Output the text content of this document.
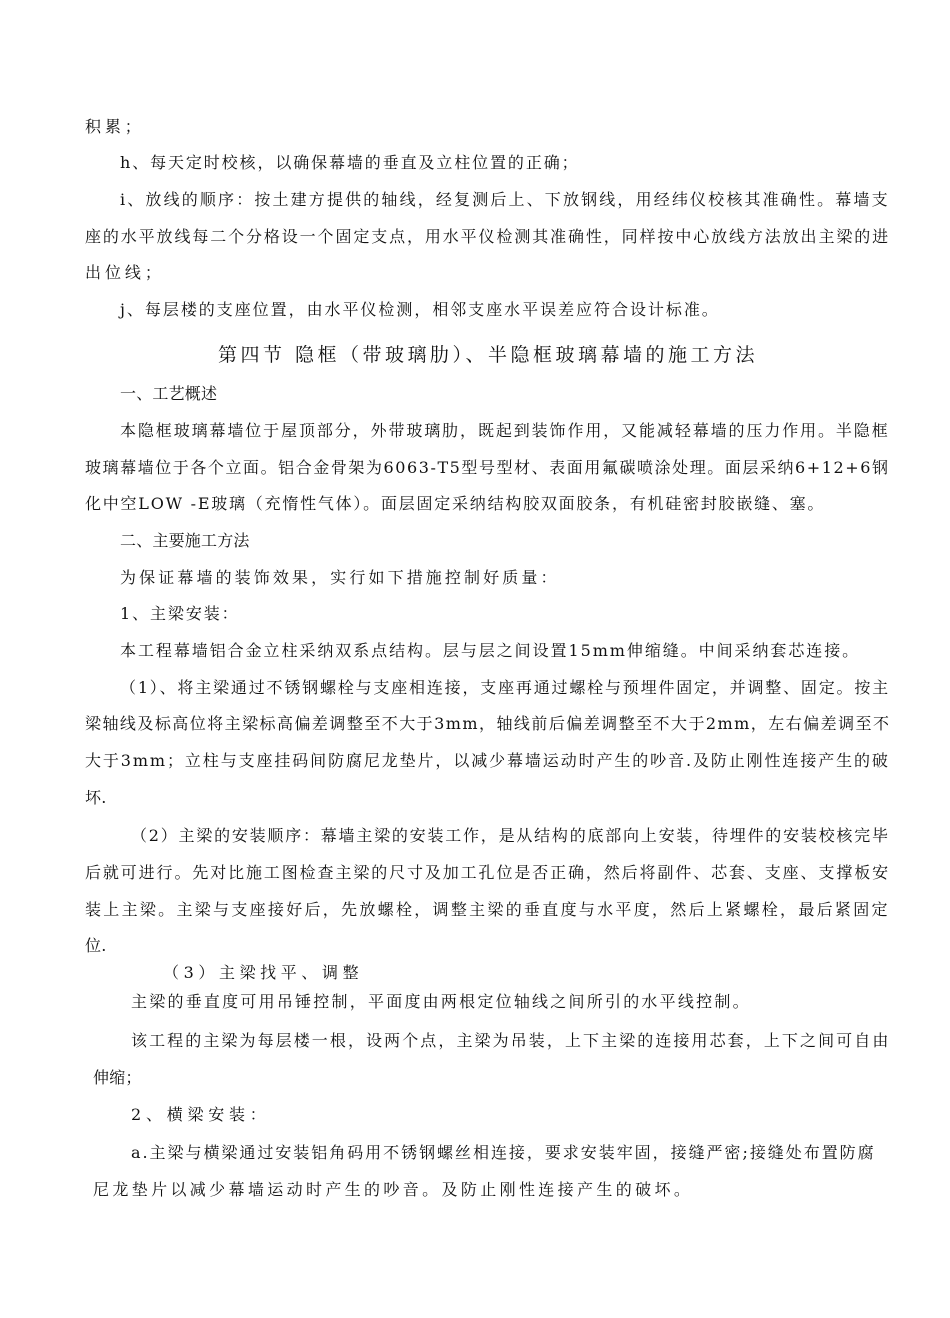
积累；
h、每天定时校核，以确保幕墙的垂直及立柱位置的正确；
i、放线的顺序：按土建方提供的轴线，经复测后上、下放钢线，用经纬仪校核其准确性。幕墙支
座的水平放线每二个分格设一个固定支点，用水平仪检测其准确性，同样按中心放线方法放出主梁的进
出位线；
j、每层楼的支座位置，由水平仪检测，相邻支座水平误差应符合设计标准。
第四节 隐框（带玻璃肋）、半隐框玻璃幕墙的施工方法
一、工艺概述
本隐框玻璃幕墙位于屋顶部分，外带玻璃肋，既起到装饰作用，又能减轻幕墙的压力作用。半隐框
玻璃幕墙位于各个立面。铝合金骨架为6063-T5型号型材、表面用氟碳喷涂处理。面层采纳6+12+6钢
化中空LOW -E玻璃（充惰性气体）。面层固定采纳结构胶双面胶条，有机硅密封胶嵌缝、塞。
二、主要施工方法
为保证幕墙的装饰效果，实行如下措施控制好质量：
1、主梁安装：
本工程幕墙铝合金立柱采纳双系点结构。层与层之间设置15mm伸缩缝。中间采纳套芯连接。
（1）、将主梁通过不锈钢螺栓与支座相连接，支座再通过螺栓与预埋件固定，并调整、固定。按主
梁轴线及标高位将主梁标高偏差调整至不大于3mm，轴线前后偏差调整至不大于2mm，左右偏差调至不
大于3mm；立柱与支座挂码间防腐尼龙垫片，以减少幕墙运动时产生的吵音.及防止刚性连接产生的破
坏.
（2）主梁的安装顺序：幕墙主梁的安装工作，是从结构的底部向上安装，待埋件的安装校核完毕
后就可进行。先对比施工图检查主梁的尺寸及加工孔位是否正确，然后将副件、芯套、支座、支撑板安
装上主梁。主梁与支座接好后，先放螺栓，调整主梁的垂直度与水平度，然后上紧螺栓，最后紧固定
位.
（3）主梁找平、调整
主梁的垂直度可用吊锤控制，平面度由两根定位轴线之间所引的水平线控制。
该工程的主梁为每层楼一根，设两个点，主梁为吊装，上下主梁的连接用芯套，上下之间可自由
伸缩；
2、横梁安装：
a.主梁与横梁通过安装铝角码用不锈钢螺丝相连接，要求安装牢固，接缝严密;接缝处布置防腐
尼龙垫片以减少幕墙运动时产生的吵音。及防止刚性连接产生的破坏。
